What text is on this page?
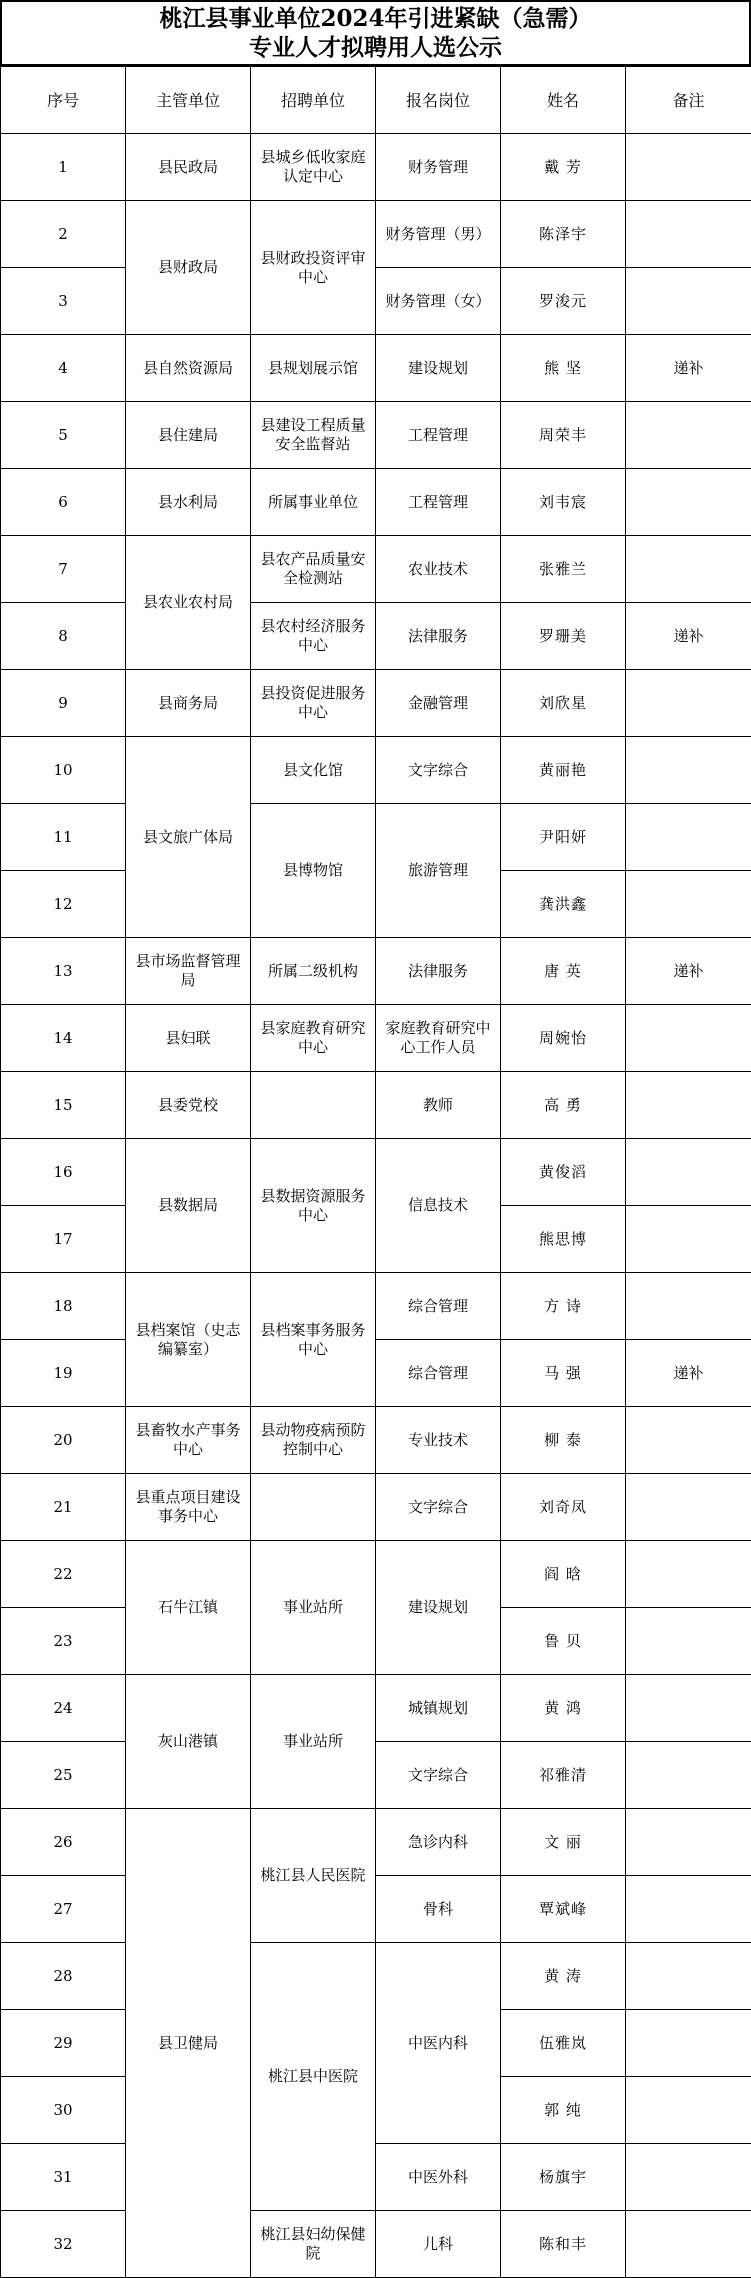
桃江县事业单位2024年引进紧缺（急需）
专业人才拟聘用人选公示
序号	主管单位	招聘单位	报名岗位	姓名	备注
1	县民政局	县城乡低收家庭认定中心	财务管理	戴 芳	
2	县财政局	县财政投资评审中心	财务管理（男）	陈泽宇	
3			财务管理（女）	罗浚元	
4	县自然资源局	县规划展示馆	建设规划	熊 坚	递补
5	县住建局	县建设工程质量安全监督站	工程管理	周荣丰	
6	县水利局	所属事业单位	工程管理	刘韦宸	
7	县农业农村局	县农产品质量安全检测站	农业技术	张雅兰	
8		县农村经济服务中心	法律服务	罗珊美	递补
9	县商务局	县投资促进服务中心	金融管理	刘欣星	
10	县文旅广体局	县文化馆	文字综合	黄丽艳	
11		县博物馆	旅游管理	尹阳妍	
12				龚洪鑫	
13	县市场监督管理局	所属二级机构	法律服务	唐 英	递补
14	县妇联	县家庭教育研究中心	家庭教育研究中心工作人员	周婉怡	
15	县委党校		教师	高 勇	
16	县数据局	县数据资源服务中心	信息技术	黄俊滔	
17				熊思博	
18	县档案馆（史志编纂室）	县档案事务服务中心	综合管理	方 诗	
19			综合管理	马 强	递补
20	县畜牧水产事务中心	县动物疫病预防控制中心	专业技术	柳 泰	
21	县重点项目建设事务中心		文字综合	刘奇凤	
22	石牛江镇	事业站所	建设规划	阎 晗	
23				鲁 贝	
24	灰山港镇	事业站所	城镇规划	黄 鸿	
25			文字综合	祁雅清	
26	县卫健局	桃江县人民医院	急诊内科	文 丽	
27			骨科	覃斌峰	
28		桃江县中医院	中医内科	黄 涛	
29				伍雅岚	
30				郭 纯	
31			中医外科	杨旗宇	
32		桃江县妇幼保健院	儿科	陈和丰	
